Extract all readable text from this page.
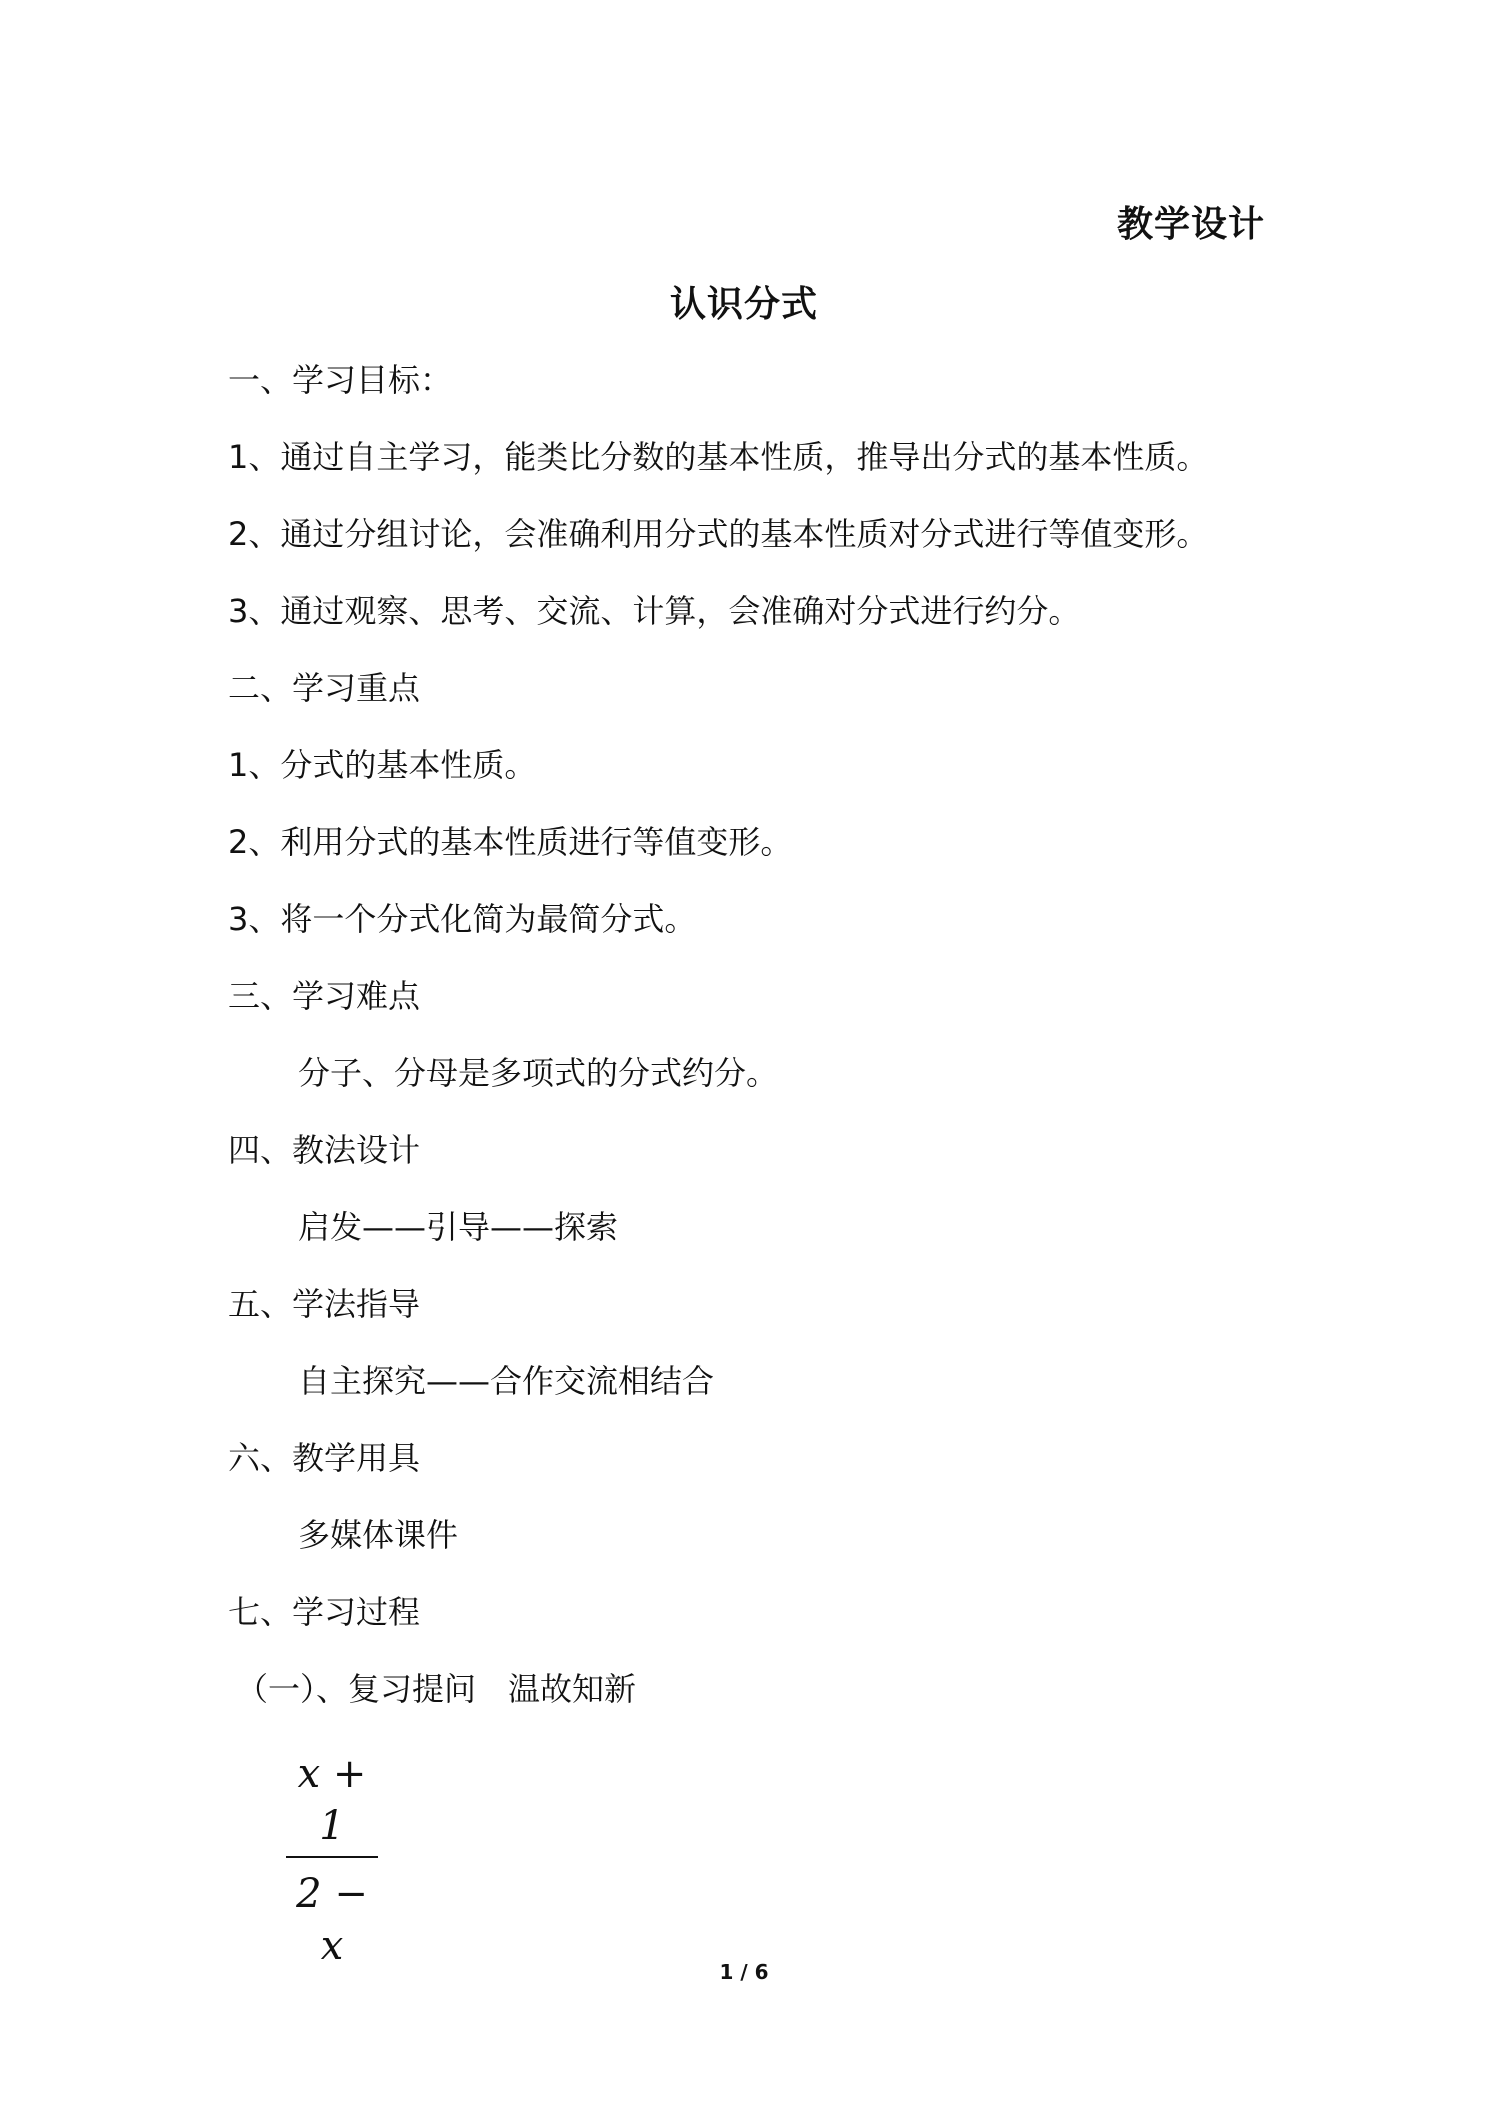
教学设计
认识分式
一、学习目标：
1、通过自主学习，能类比分数的基本性质，推导出分式的基本性质。
2、通过分组讨论，会准确利用分式的基本性质对分式进行等值变形。
3、通过观察、思考、交流、计算，会准确对分式进行约分。
二、学习重点
1、分式的基本性质。
2、利用分式的基本性质进行等值变形。
3、将一个分式化简为最简分式。
三、学习难点
分子、分母是多项式的分式约分。
四、教法设计
启发——引导——探索
五、学法指导
自主探究——合作交流相结合
六、教学用具
多媒体课件
七、学习过程
（一）、复习提问　温故知新
x + 1
2 − x
1 / 6
